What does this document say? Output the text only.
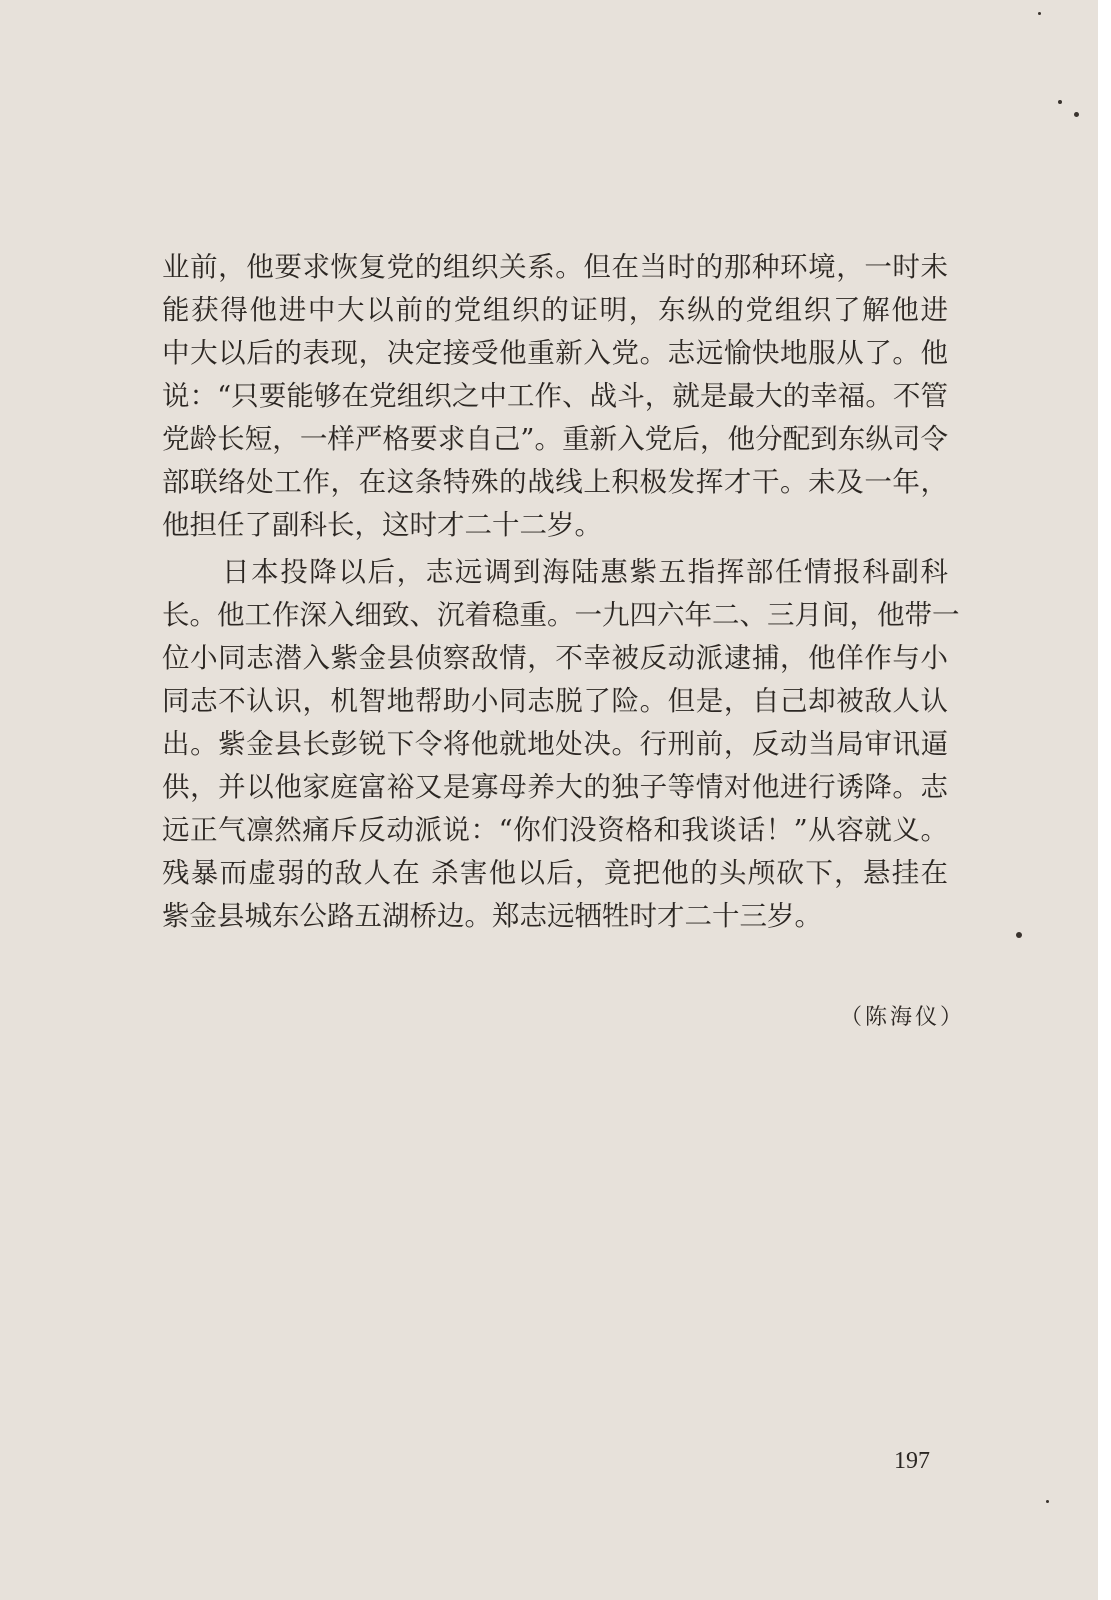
业前，他要求恢复党的组织关系。但在当时的那种环境，一时未
能获得他进中大以前的党组织的证明，东纵的党组织了解他进
中大以后的表现，决定接受他重新入党。志远愉快地服从了。他
说：“只要能够在党组织之中工作、战斗，就是最大的幸福。不管
党龄长短，一样严格要求自己”。重新入党后，他分配到东纵司令
部联络处工作，在这条特殊的战线上积极发挥才干。未及一年，
他担任了副科长，这时才二十二岁。
日本投降以后，志远调到海陆惠紫五指挥部任情报科副科
长。他工作深入细致、沉着稳重。一九四六年二、三月间，他带一
位小同志潜入紫金县侦察敌情，不幸被反动派逮捕，他佯作与小
同志不认识，机智地帮助小同志脱了险。但是，自己却被敌人认
出。紫金县长彭锐下令将他就地处决。行刑前，反动当局审讯逼
供，并以他家庭富裕又是寡母养大的独子等情对他进行诱降。志
远正气凛然痛斥反动派说：“你们没资格和我谈话！”从容就义。
残暴而虚弱的敌人在 杀害他以后，竟把他的头颅砍下，悬挂在
紫金县城东公路五湖桥边。郑志远牺牲时才二十三岁。
（陈海仪）
197
